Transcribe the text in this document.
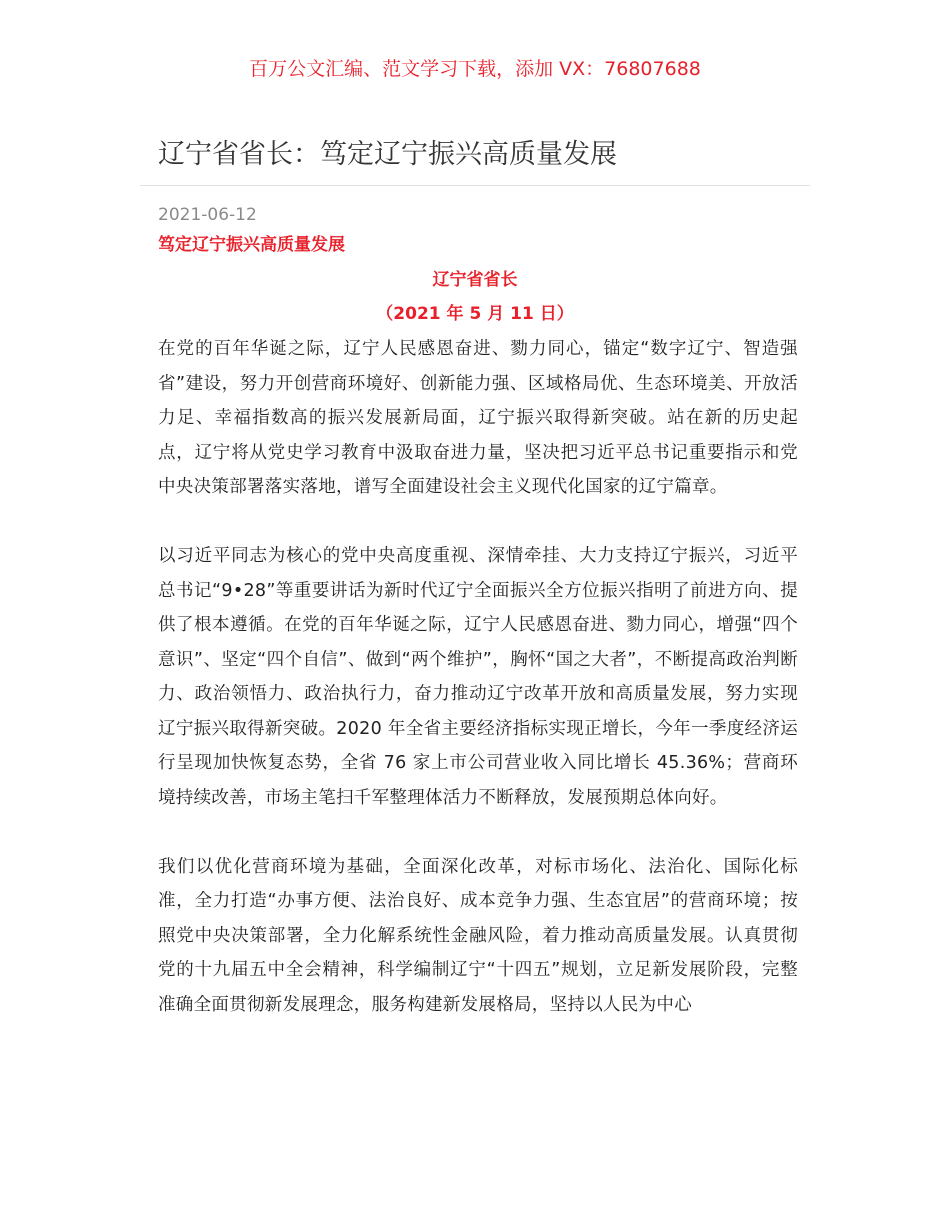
百万公文汇编、范文学习下载，添加 VX：76807688
辽宁省省长：笃定辽宁振兴高质量发展
2021-06-12
笃定辽宁振兴高质量发展
辽宁省省长
（2021 年 5 月 11 日）

在党的百年华诞之际，辽宁人民感恩奋进、勠力同心，锚定“数字辽宁、智造强省”建设，努力开创营商环境好、创新能力强、区域格局优、生态环境美、开放活力足、幸福指数高的振兴发展新局面，辽宁振兴取得新突破。站在新的历史起点，辽宁将从党史学习教育中汲取奋进力量，坚决把习近平总书记重要指示和党中央决策部署落实落地，谱写全面建设社会主义现代化国家的辽宁篇章。

以习近平同志为核心的党中央高度重视、深情牵挂、大力支持辽宁振兴，习近平总书记“9•28”等重要讲话为新时代辽宁全面振兴全方位振兴指明了前进方向、提供了根本遵循。在党的百年华诞之际，辽宁人民感恩奋进、勠力同心，增强“四个意识”、坚定“四个自信”、做到“两个维护”，胸怀“国之大者”，不断提高政治判断力、政治领悟力、政治执行力，奋力推动辽宁改革开放和高质量发展，努力实现辽宁振兴取得新突破。2020 年全省主要经济指标实现正增长，今年一季度经济运行呈现加快恢复态势，全省 76 家上市公司营业收入同比增长 45.36%；营商环境持续改善，市场主笔扫千军整理体活力不断释放，发展预期总体向好。

我们以优化营商环境为基础，全面深化改革，对标市场化、法治化、国际化标准，全力打造“办事方便、法治良好、成本竞争力强、生态宜居”的营商环境；按照党中央决策部署，全力化解系统性金融风险，着力推动高质量发展。认真贯彻党的十九届五中全会精神，科学编制辽宁“十四五”规划，立足新发展阶段，完整准确全面贯彻新发展理念，服务构建新发展格局，坚持以人民为中心
